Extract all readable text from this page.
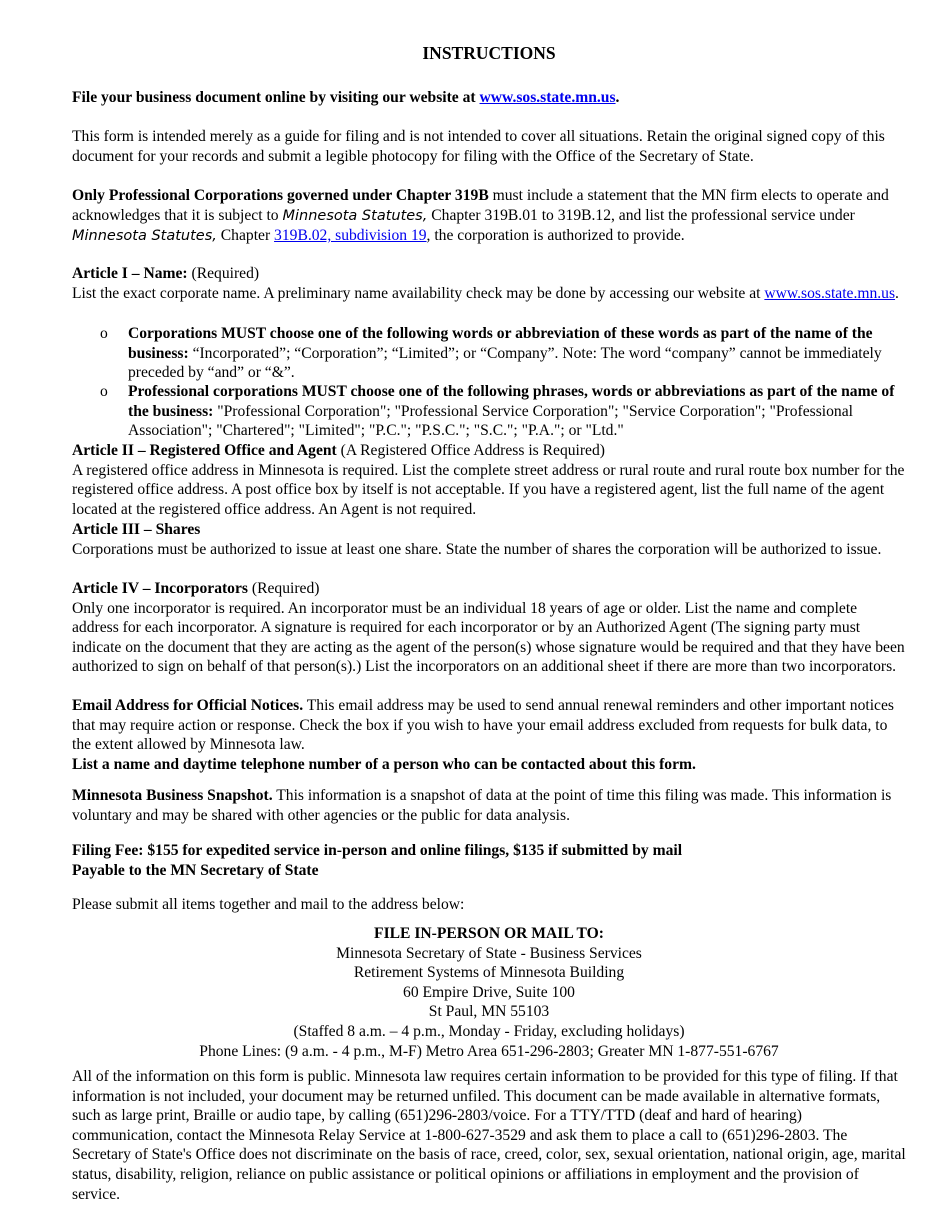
INSTRUCTIONS
File your business document online by visiting our website at www.sos.state.mn.us.
This form is intended merely as a guide for filing and is not intended to cover all situations. Retain the original signed copy of this document for your records and submit a legible photocopy for filing with the Office of the Secretary of State.
Only Professional Corporations governed under Chapter 319B must include a statement that the MN firm elects to operate and acknowledges that it is subject to Minnesota Statutes, Chapter 319B.01 to 319B.12, and list the professional service under Minnesota Statutes, Chapter 319B.02, subdivision 19, the corporation is authorized to provide.
Article I – Name: (Required)
List the exact corporate name. A preliminary name availability check may be done by accessing our website at www.sos.state.mn.us.
o Corporations MUST choose one of the following words or abbreviation of these words as part of the name of the business: “Incorporated”; “Corporation”; “Limited”; or “Company”. Note: The word “company” cannot be immediately preceded by “and” or “&”.
o Professional corporations MUST choose one of the following phrases, words or abbreviations as part of the name of the business: "Professional Corporation"; "Professional Service Corporation"; "Service Corporation"; "Professional Association"; "Chartered"; "Limited"; "P.C."; "P.S.C."; "S.C."; "P.A."; or "Ltd."
Article II – Registered Office and Agent (A Registered Office Address is Required)
A registered office address in Minnesota is required. List the complete street address or rural route and rural route box number for the registered office address. A post office box by itself is not acceptable. If you have a registered agent, list the full name of the agent located at the registered office address. An Agent is not required.
Article III – Shares
Corporations must be authorized to issue at least one share. State the number of shares the corporation will be authorized to issue.
Article IV – Incorporators (Required)
Only one incorporator is required. An incorporator must be an individual 18 years of age or older. List the name and complete address for each incorporator. A signature is required for each incorporator or by an Authorized Agent (The signing party must indicate on the document that they are acting as the agent of the person(s) whose signature would be required and that they have been authorized to sign on behalf of that person(s).) List the incorporators on an additional sheet if there are more than two incorporators.
Email Address for Official Notices. This email address may be used to send annual renewal reminders and other important notices that may require action or response. Check the box if you wish to have your email address excluded from requests for bulk data, to the extent allowed by Minnesota law.
List a name and daytime telephone number of a person who can be contacted about this form.
Minnesota Business Snapshot. This information is a snapshot of data at the point of time this filing was made. This information is voluntary and may be shared with other agencies or the public for data analysis.
Filing Fee: $155 for expedited service in-person and online filings, $135 if submitted by mail
Payable to the MN Secretary of State
Please submit all items together and mail to the address below:
FILE IN-PERSON OR MAIL TO:
Minnesota Secretary of State - Business Services
Retirement Systems of Minnesota Building
60 Empire Drive, Suite 100
St Paul, MN 55103
(Staffed 8 a.m. – 4 p.m., Monday - Friday, excluding holidays)
Phone Lines: (9 a.m. - 4 p.m., M-F) Metro Area 651-296-2803; Greater MN 1-877-551-6767
All of the information on this form is public. Minnesota law requires certain information to be provided for this type of filing. If that information is not included, your document may be returned unfiled. This document can be made available in alternative formats, such as large print, Braille or audio tape, by calling (651)296-2803/voice. For a TTY/TTD (deaf and hard of hearing) communication, contact the Minnesota Relay Service at 1-800-627-3529 and ask them to place a call to (651)296-2803. The Secretary of State's Office does not discriminate on the basis of race, creed, color, sex, sexual orientation, national origin, age, marital status, disability, religion, reliance on public assistance or political opinions or affiliations in employment and the provision of service.
